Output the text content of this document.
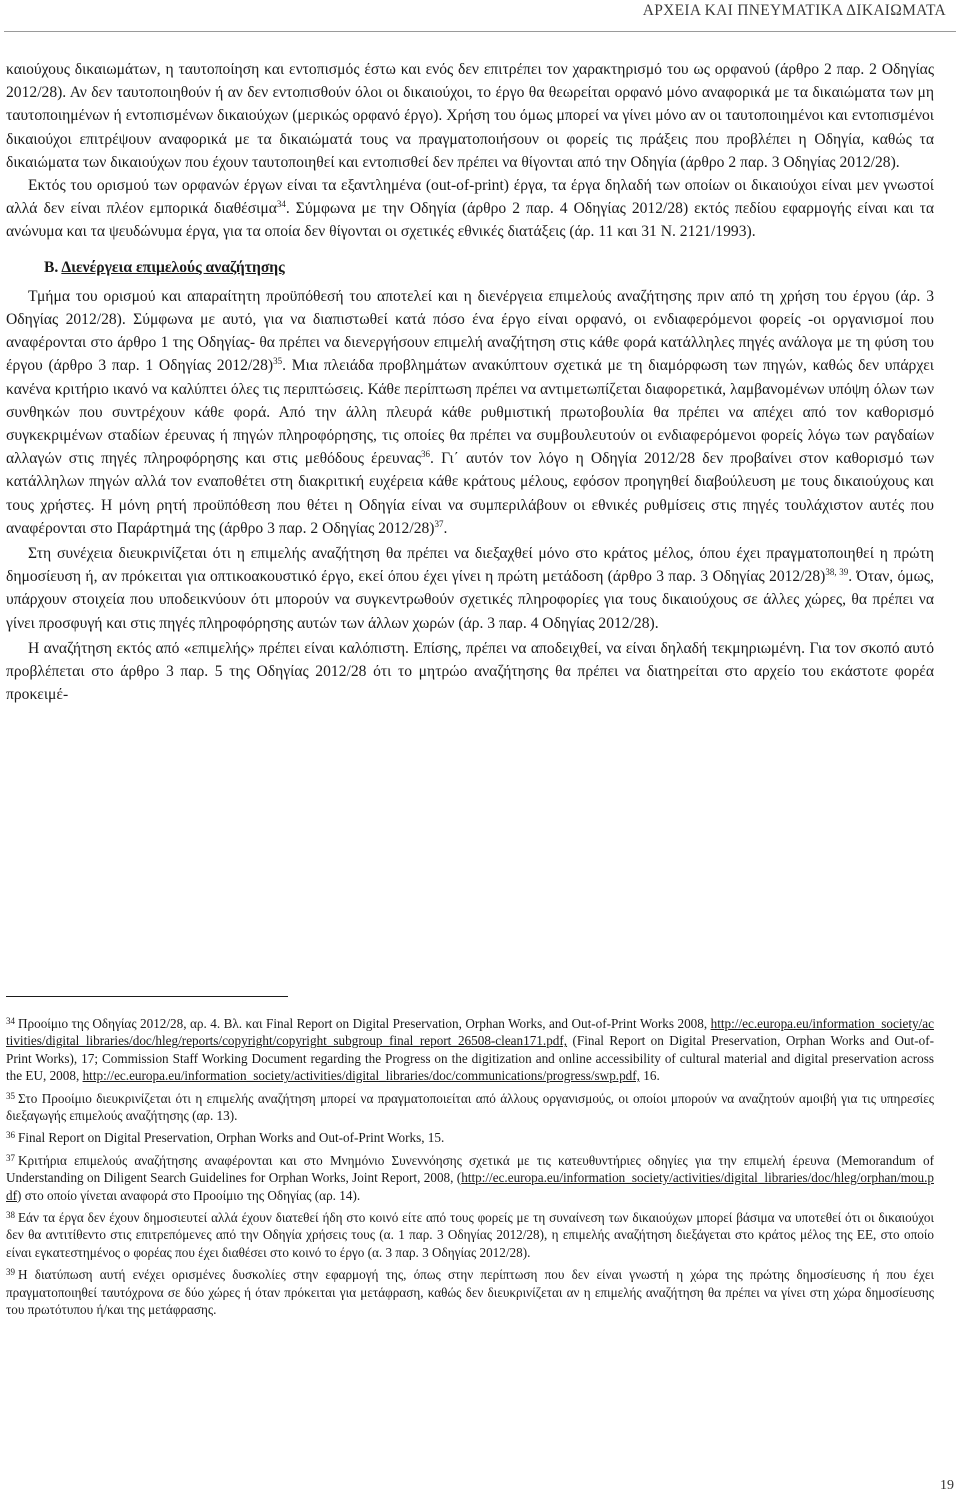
ΑΡΧΕΙΑ ΚΑΙ ΠΝΕΥΜΑΤΙΚΑ ΔΙΚΑΙΩΜΑΤΑ

καιούχους δικαιωμάτων, η ταυτοποίηση και εντοπισμός έστω και ενός δεν επιτρέπει τον χαρακτηρισμό του ως ορφανού (άρθρο 2 παρ. 2 Οδηγίας 2012/28). Αν δεν ταυτοποιηθούν ή αν δεν εντοπισθούν όλοι οι δικαιούχοι, το έργο θα θεωρείται ορφανό μόνο αναφορικά με τα δικαιώματα των μη ταυτοποιημένων ή εντοπισμένων δικαιούχων (μερικώς ορφανό έργο). Χρήση του όμως μπορεί να γίνει μόνο αν οι ταυτοποιημένοι και εντοπισμένοι δικαιούχοι επιτρέψουν αναφορικά με τα δικαιώματά τους να πραγματοποιήσουν οι φορείς τις πράξεις που προβλέπει η Οδηγία, καθώς τα δικαιώματα των δικαιούχων που έχουν ταυτοποιηθεί και εντοπισθεί δεν πρέπει να θίγονται από την Οδηγία (άρθρο 2 παρ. 3 Οδηγίας 2012/28).

Εκτός του ορισμού των ορφανών έργων είναι τα εξαντλημένα (out-of-print) έργα, τα έργα δηλαδή των οποίων οι δικαιούχοι είναι μεν γνωστοί αλλά δεν είναι πλέον εμπορικά διαθέσιμα$^{34}$. Σύμφωνα με την Οδηγία (άρθρο 2 παρ. 4 Οδηγίας 2012/28) εκτός πεδίου εφαρμογής είναι και τα ανώνυμα και τα ψευδώνυμα έργα, για τα οποία δεν θίγονται οι σχετικές εθνικές διατάξεις (άρ. 11 και 31 Ν. 2121/1993).

Β. Διενέργεια επιμελούς αναζήτησης

Τμήμα του ορισμού και απαραίτητη προϋπόθεσή του αποτελεί και η διενέργεια επιμελούς αναζήτησης πριν από τη χρήση του έργου (άρ. 3 Οδηγίας 2012/28). Σύμφωνα με αυτό, για να διαπιστωθεί κατά πόσο ένα έργο είναι ορφανό, οι ενδιαφερόμενοι φορείς -οι οργανισμοί που αναφέρονται στο άρθρο 1 της Οδηγίας- θα πρέπει να διενεργήσουν επιμελή αναζήτηση στις κάθε φορά κατάλληλες πηγές ανάλογα με τη φύση του έργου (άρθρο 3 παρ. 1 Οδηγίας 2012/28)$^{35}$. Μια πλειάδα προβλημάτων ανακύπτουν σχετικά με τη διαμόρφωση των πηγών, καθώς δεν υπάρχει κανένα κριτήριο ικανό να καλύπτει όλες τις περιπτώσεις. Κάθε περίπτωση πρέπει να αντιμετωπίζεται διαφορετικά, λαμβανομένων υπόψη όλων των συνθηκών που συντρέχουν κάθε φορά. Από την άλλη πλευρά κάθε ρυθμιστική πρωτοβουλία θα πρέπει να απέχει από τον καθορισμό συγκεκριμένων σταδίων έρευνας ή πηγών πληροφόρησης, τις οποίες θα πρέπει να συμβουλευτούν οι ενδιαφερόμενοι φορείς λόγω των ραγδαίων αλλαγών στις πηγές πληροφόρησης και στις μεθόδους έρευνας$^{36}$. Γι΄ αυτόν τον λόγο η Οδηγία 2012/28 δεν προβαίνει στον καθορισμό των κατάλληλων πηγών αλλά τον εναποθέτει στη διακριτική ευχέρεια κάθε κράτους μέλους, εφόσον προηγηθεί διαβούλευση με τους δικαιούχους και τους χρήστες. Η μόνη ρητή προϋπόθεση που θέτει η Οδηγία είναι να συμπεριλάβουν οι εθνικές ρυθμίσεις στις πηγές τουλάχιστον αυτές που αναφέρονται στο Παράρτημά της (άρθρο 3 παρ. 2 Οδηγίας 2012/28)$^{37}$.

Στη συνέχεια διευκρινίζεται ότι η επιμελής αναζήτηση θα πρέπει να διεξαχθεί μόνο στο κράτος μέλος, όπου έχει πραγματοποιηθεί η πρώτη δημοσίευση ή, αν πρόκειται για οπτικοακουστικό έργο, εκεί όπου έχει γίνει η πρώτη μετάδοση (άρθρο 3 παρ. 3 Οδηγίας 2012/28)$^{38, 39}$. Όταν, όμως, υπάρχουν στοιχεία που υποδεικνύουν ότι μπορούν να συγκεντρωθούν σχετικές πληροφορίες για τους δικαιούχους σε άλλες χώρες, θα πρέπει να γίνει προσφυγή και στις πηγές πληροφόρησης αυτών των άλλων χωρών (άρ. 3 παρ. 4 Οδηγίας 2012/28).

Η αναζήτηση εκτός από «επιμελής» πρέπει είναι καλόπιστη. Επίσης, πρέπει να αποδειχθεί, να είναι δηλαδή τεκμηριωμένη. Για τον σκοπό αυτό προβλέπεται στο άρθρο 3 παρ. 5 της Οδηγίας 2012/28 ότι το μητρώο αναζήτησης θα πρέπει να διατηρείται στο αρχείο του εκάστοτε φορέα προκειμέ-

$^{34}$ Προοίμιο της Οδηγίας 2012/28, αρ. 4. Βλ. και Final Report on Digital Preservation, Orphan Works, and Out-of-Print Works 2008, http://ec.europa.eu/information_society/activities/digital_libraries/doc/hleg/reports/copyright/copyright_subgroup_final_report_26508-clean171.pdf, (Final Report on Digital Preservation, Orphan Works and Out-of-Print Works), 17; Commission Staff Working Document regarding the Progress on the digitization and online accessibility of cultural material and digital preservation across the EU, 2008, http://ec.europa.eu/information_society/activities/digital_libraries/doc/communications/progress/swp.pdf, 16.

$^{35}$ Στο Προοίμιο διευκρινίζεται ότι η επιμελής αναζήτηση μπορεί να πραγματοποιείται από άλλους οργανισμούς, οι οποίοι μπορούν να αναζητούν αμοιβή για τις υπηρεσίες διεξαγωγής επιμελούς αναζήτησης (αρ. 13).

$^{36}$ Final Report on Digital Preservation, Orphan Works and Out-of-Print Works, 15.

$^{37}$ Κριτήρια επιμελούς αναζήτησης αναφέρονται και στο Μνημόνιο Συνεννόησης σχετικά με τις κατευθυντήριες οδηγίες για την επιμελή έρευνα (Memorandum of Understanding on Diligent Search Guidelines for Orphan Works, Joint Report, 2008, (http://ec.europa.eu/information_society/activities/digital_libraries/doc/hleg/orphan/mou.pdf) στο οποίο γίνεται αναφορά στο Προοίμιο της Οδηγίας (αρ. 14).

$^{38}$ Εάν τα έργα δεν έχουν δημοσιευτεί αλλά έχουν διατεθεί ήδη στο κοινό είτε από τους φορείς με τη συναίνεση των δικαιούχων μπορεί βάσιμα να υποτεθεί ότι οι δικαιούχοι δεν θα αντιτίθεντο στις επιτρεπόμενες από την Οδηγία χρήσεις τους (α. 1 παρ. 3 Οδηγίας 2012/28), η επιμελής αναζήτηση διεξάγεται στο κράτος μέλος της ΕΕ, στο οποίο είναι εγκατεστημένος ο φορέας που έχει διαθέσει στο κοινό το έργο (α. 3 παρ. 3 Οδηγίας 2012/28).

$^{39}$ Η διατύπωση αυτή ενέχει ορισμένες δυσκολίες στην εφαρμογή της, όπως στην περίπτωση που δεν είναι γνωστή η χώρα της πρώτης δημοσίευσης ή που έχει πραγματοποιηθεί ταυτόχρονα σε δύο χώρες ή όταν πρόκειται για μετάφραση, καθώς δεν διευκρινίζεται αν η επιμελής αναζήτηση θα πρέπει να γίνει στη χώρα δημοσίευσης του πρωτότυπου ή/και της μετάφρασης.

19
